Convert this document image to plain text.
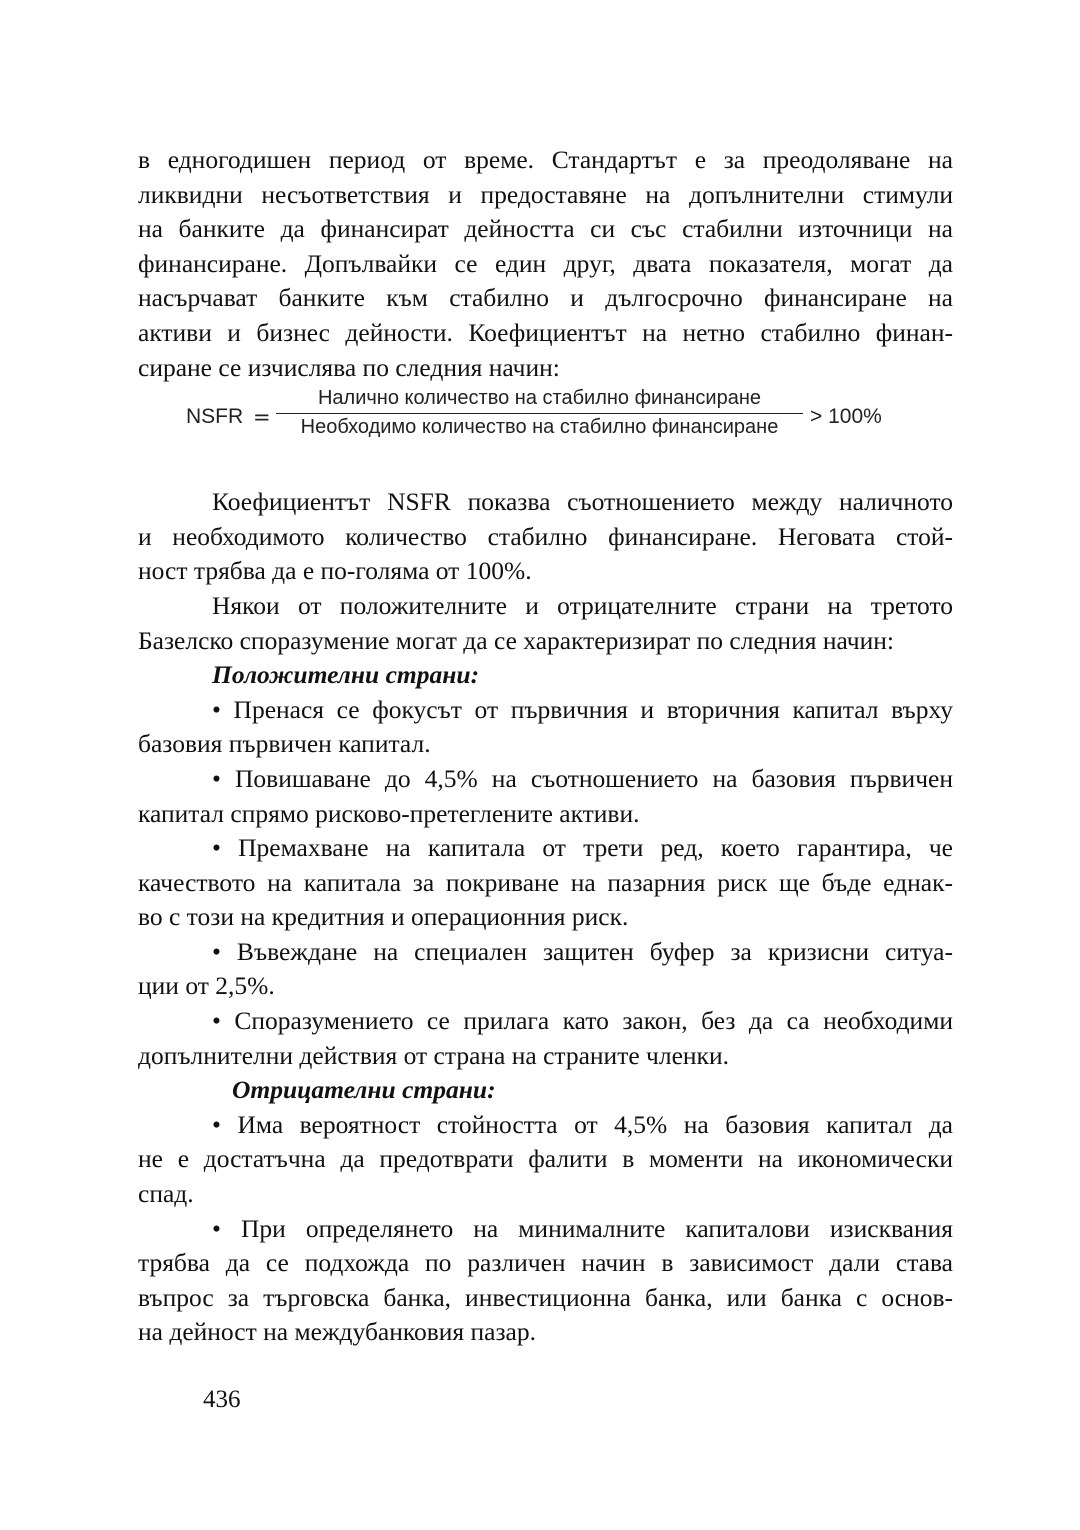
в едногодишен период от време. Стандартът е за преодоляване на
ликвидни несъответствия и предоставяне на допълнителни стимули
на банките да финансират дейността си със стабилни източници на
финансиране. Допълвайки се един друг, двата показателя, могат да
насърчават банките към стабилно и дългосрочно финансиране на
активи и бизнес дейности. Коефициентът на нетно стабилно финан-
сиране се изчислява по следния начин:
NSFR =
Налично количество на стабилно финансиране
Необходимо количество на стабилно финансиране	> 100%
Коефициентът NSFR показва съотношението между наличното
и необходимото количество стабилно финансиране. Неговата стой-
ност трябва да е по-голяма от 100%.
Някои от положителните и отрицателните страни на третото
Базелско споразумение могат да се характеризират по следния начин:
Положителни страни:
• Пренася се фокусът от първичния и вторичния капитал върху
базовия първичен капитал.
• Повишаване до 4,5% на съотношението на базовия първичен
капитал спрямо рисково-претеглените активи.
• Премахване на капитала от трети ред, което гарантира, че
качеството на капитала за покриване на пазарния риск ще бъде еднак-
во с този на кредитния и операционния риск.
• Въвеждане на специален защитен буфер за кризисни ситуа-
ции от 2,5%.
• Споразумението се прилага като закон, без да са необходими
допълнителни действия от страна на страните членки.
Отрицателни страни:
• Има вероятност стойността от 4,5% на базовия капитал да
не е достатъчна да предотврати фалити в моменти на икономически
спад.
• При определянето на минималните капиталови изисквания
трябва да се подхожда по различен начин в зависимост дали става
въпрос за търговска банка, инвестиционна банка, или банка с основ-
на дейност на междубанковия пазар.
436
